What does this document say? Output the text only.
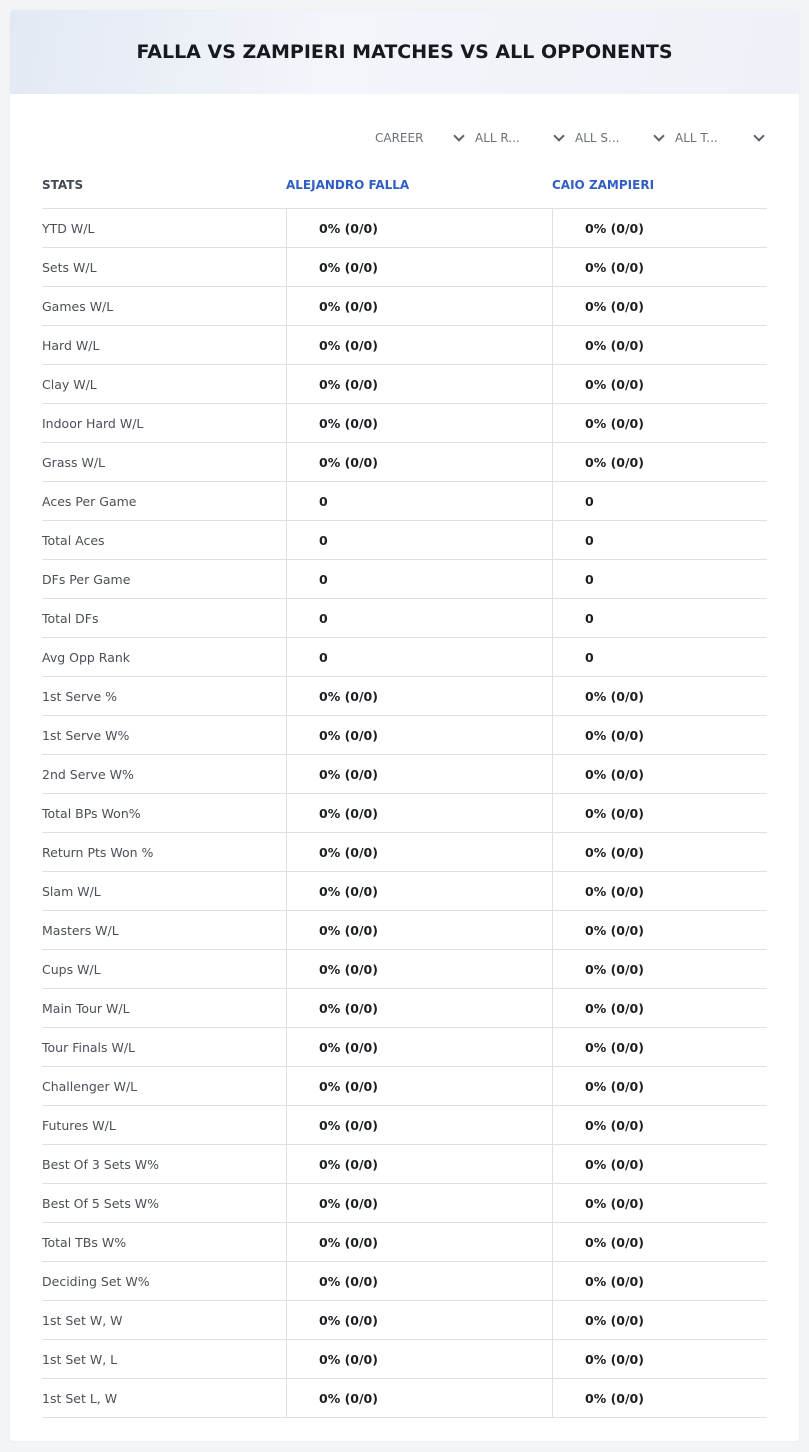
FALLA VS ZAMPIERI MATCHES VS ALL OPPONENTS
CAREER	ALL R...	ALL S...	ALL T...
STATS	ALEJANDRO FALLA	CAIO ZAMPIERI
YTD W/L	0% (0/0)	0% (0/0)
Sets W/L	0% (0/0)	0% (0/0)
Games W/L	0% (0/0)	0% (0/0)
Hard W/L	0% (0/0)	0% (0/0)
Clay W/L	0% (0/0)	0% (0/0)
Indoor Hard W/L	0% (0/0)	0% (0/0)
Grass W/L	0% (0/0)	0% (0/0)
Aces Per Game	0	0
Total Aces	0	0
DFs Per Game	0	0
Total DFs	0	0
Avg Opp Rank	0	0
1st Serve %	0% (0/0)	0% (0/0)
1st Serve W%	0% (0/0)	0% (0/0)
2nd Serve W%	0% (0/0)	0% (0/0)
Total BPs Won%	0% (0/0)	0% (0/0)
Return Pts Won %	0% (0/0)	0% (0/0)
Slam W/L	0% (0/0)	0% (0/0)
Masters W/L	0% (0/0)	0% (0/0)
Cups W/L	0% (0/0)	0% (0/0)
Main Tour W/L	0% (0/0)	0% (0/0)
Tour Finals W/L	0% (0/0)	0% (0/0)
Challenger W/L	0% (0/0)	0% (0/0)
Futures W/L	0% (0/0)	0% (0/0)
Best Of 3 Sets W%	0% (0/0)	0% (0/0)
Best Of 5 Sets W%	0% (0/0)	0% (0/0)
Total TBs W%	0% (0/0)	0% (0/0)
Deciding Set W%	0% (0/0)	0% (0/0)
1st Set W, W	0% (0/0)	0% (0/0)
1st Set W, L	0% (0/0)	0% (0/0)
1st Set L, W	0% (0/0)	0% (0/0)
